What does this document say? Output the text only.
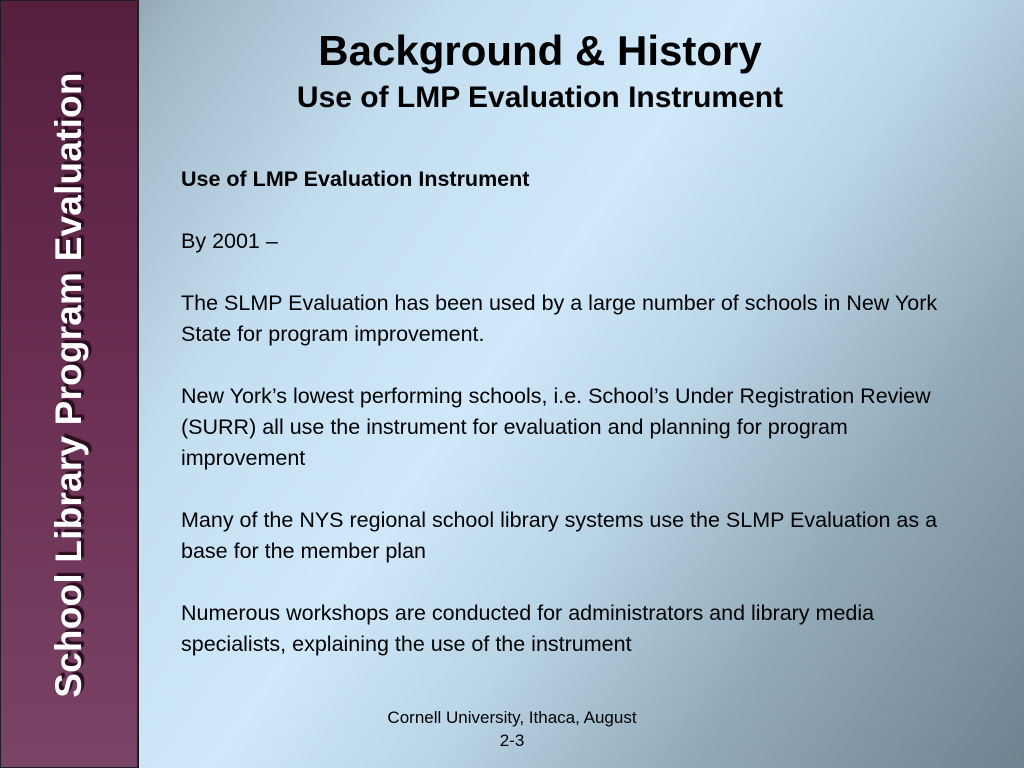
School Library Program Evaluation
Background & History
Use of LMP Evaluation Instrument

Use of LMP Evaluation Instrument

By 2001 –

The SLMP Evaluation has been used by a large number of schools in New York State for program improvement.

New York’s lowest performing schools, i.e. School’s Under Registration Review (SURR) all use the instrument for evaluation and planning for program improvement

Many of the NYS regional school library systems use the SLMP Evaluation as a base for the member plan

Numerous workshops are conducted for administrators and library media specialists, explaining the use of the instrument

Cornell University, Ithaca, August
2-3
